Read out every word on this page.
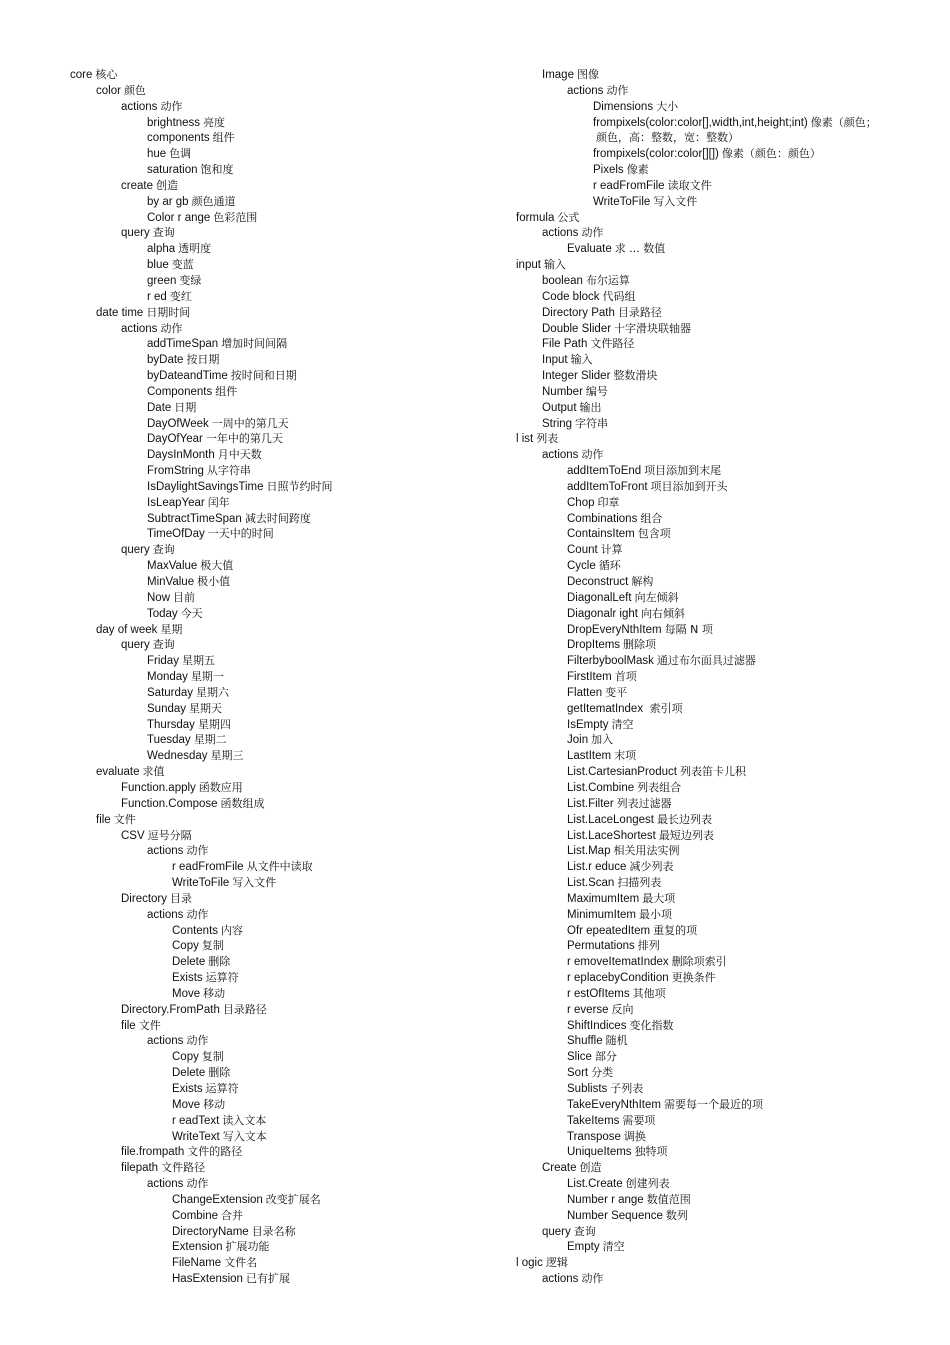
core 核心
color 颜色
actions 动作
brightness 亮度
components 组件
hue 色调
saturation 饱和度
create 创造
by ar gb 颜色通道
Color r ange 色彩范围
query 查询
alpha 透明度
blue 变蓝
green 变绿
r ed 变红
date time 日期时间
actions 动作
addTimeSpan 增加时间间隔
byDate 按日期
byDateandTime 按时间和日期
Components 组件
Date 日期
DayOfWeek 一周中的第几天
DayOfYear 一年中的第几天
DaysInMonth 月中天数
FromString 从字符串
IsDaylightSavingsTime 日照节约时间
IsLeapYear 闰年
SubtractTimeSpan 减去时间跨度
TimeOfDay 一天中的时间
query 查询
MaxValue 极大值
MinValue 极小值
Now 目前
Today 今天
day of week 星期
query 查询
Friday 星期五
Monday 星期一
Saturday 星期六
Sunday 星期天
Thursday 星期四
Tuesday 星期二
Wednesday 星期三
evaluate 求值
Function.apply 函数应用
Function.Compose 函数组成
file 文件
CSV 逗号分隔
actions 动作
r eadFromFile 从文件中读取
WriteToFile 写入文件
Directory 目录
actions 动作
Contents 内容
Copy 复制
Delete 删除
Exists 运算符
Move 移动
Directory.FromPath 目录路径
file 文件
actions 动作
Copy 复制
Delete 删除
Exists 运算符
Move 移动
r eadText 读入文本
WriteText 写入文本
file.frompath 文件的路径
filepath 文件路径
actions 动作
ChangeExtension 改变扩展名
Combine 合并
DirectoryName 目录名称
Extension 扩展功能
FileName 文件名
HasExtension 已有扩展
Image 图像
actions 动作
Dimensions 大小
frompixels(color:color[],width,int,height;int) 像素（颜色；
颜色，高：整数，宽：整数）
frompixels(color:color[][]) 像素（颜色：颜色）
Pixels 像素
r eadFromFile 读取文件
WriteToFile 写入文件
formula 公式
actions 动作
Evaluate 求 ... 数值
input 输入
boolean 布尔运算
Code block 代码组
Directory Path 目录路径
Double Slider 十字滑块联轴器
File Path 文件路径
Input 输入
Integer Slider 整数滑块
Number 编号
Output 输出
String 字符串
l ist 列表
actions 动作
addItemToEnd 项目添加到末尾
addItemToFront 项目添加到开头
Chop 印章
Combinations 组合
ContainsItem 包含项
Count 计算
Cycle 循环
Deconstruct 解构
DiagonalLeft 向左倾斜
Diagonalr ight 向右倾斜
DropEveryNthItem 每隔 N 项
DropItems 删除项
FilterbyboolMask 通过布尔面具过滤器
FirstItem 首项
Flatten 变平
getItematIndex 索引项
IsEmpty 清空
Join 加入
LastItem 末项
List.CartesianProduct 列表笛卡儿积
List.Combine 列表组合
List.Filter 列表过滤器
List.LaceLongest 最长边列表
List.LaceShortest 最短边列表
List.Map 相关用法实例
List.r educe 减少列表
List.Scan 扫描列表
MaximumItem 最大项
MinimumItem 最小项
Ofr epeatedItem 重复的项
Permutations 排列
r emoveItematIndex 删除项索引
r eplacebyCondition 更换条件
r estOfItems 其他项
r everse 反向
ShiftIndices 变化指数
Shuffle 随机
Slice 部分
Sort 分类
Sublists 子列表
TakeEveryNthItem 需要每一个最近的项
TakeItems 需要项
Transpose 调换
UniqueItems 独特项
Create 创造
List.Create 创建列表
Number r ange 数值范围
Number Sequence 数列
query 查询
Empty 清空
l ogic 逻辑
actions 动作
